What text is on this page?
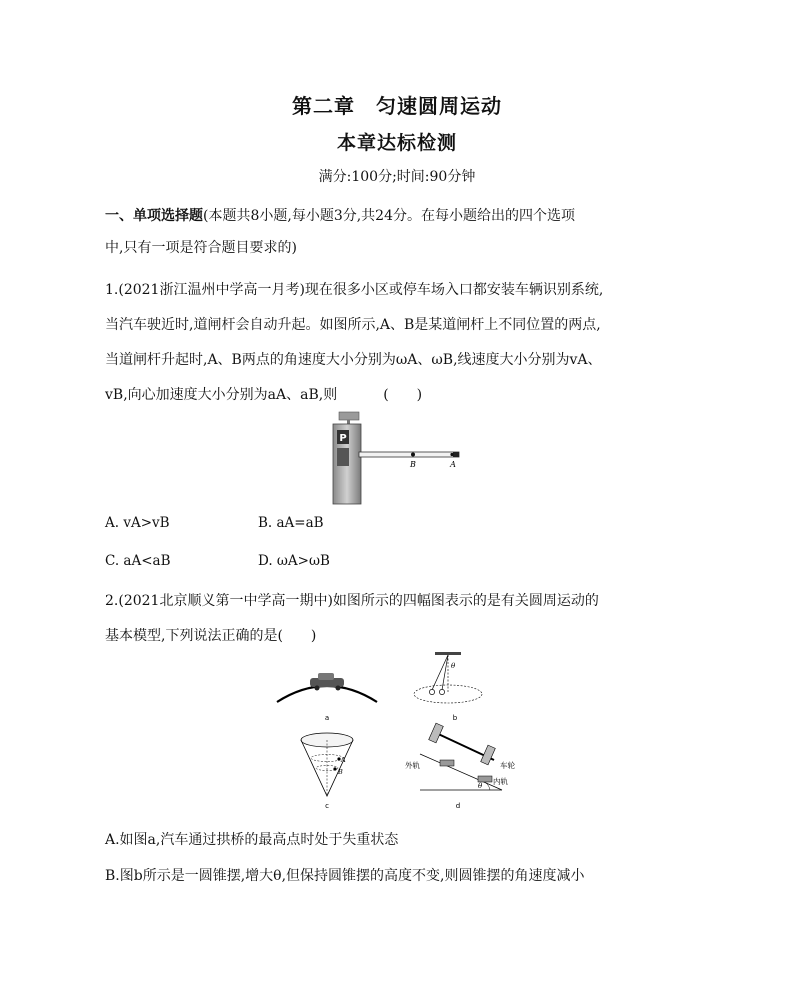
第二章　匀速圆周运动
本章达标检测
满分:100分;时间:90分钟
一、单项选择题(本题共8小题,每小题3分,共24分。在每小题给出的四个选项
中,只有一项是符合题目要求的)
1.(2021浙江温州中学高一月考)现在很多小区或停车场入口都安装车辆识别系统,
当汽车驶近时,道闸杆会自动升起。如图所示,A、B是某道闸杆上不同位置的两点,
当道闸杆升起时,A、B两点的角速度大小分别为ωA、ωB,线速度大小分别为vA、
vB,向心加速度大小分别为aA、aB,则	(　　)
P
B	A
A. vA>vB	B. aA=aB
C. aA<aB	D. ωA>ωB
2.(2021北京顺义第一中学高一期中)如图所示的四幅图表示的是有关圆周运动的
基本模型,下列说法正确的是(　　)
a
θ
b
A
B
c
θ
外轨	车轮
内轨
d
A.如图a,汽车通过拱桥的最高点时处于失重状态
B.图b所示是一圆锥摆,增大θ,但保持圆锥摆的高度不变,则圆锥摆的角速度减小
